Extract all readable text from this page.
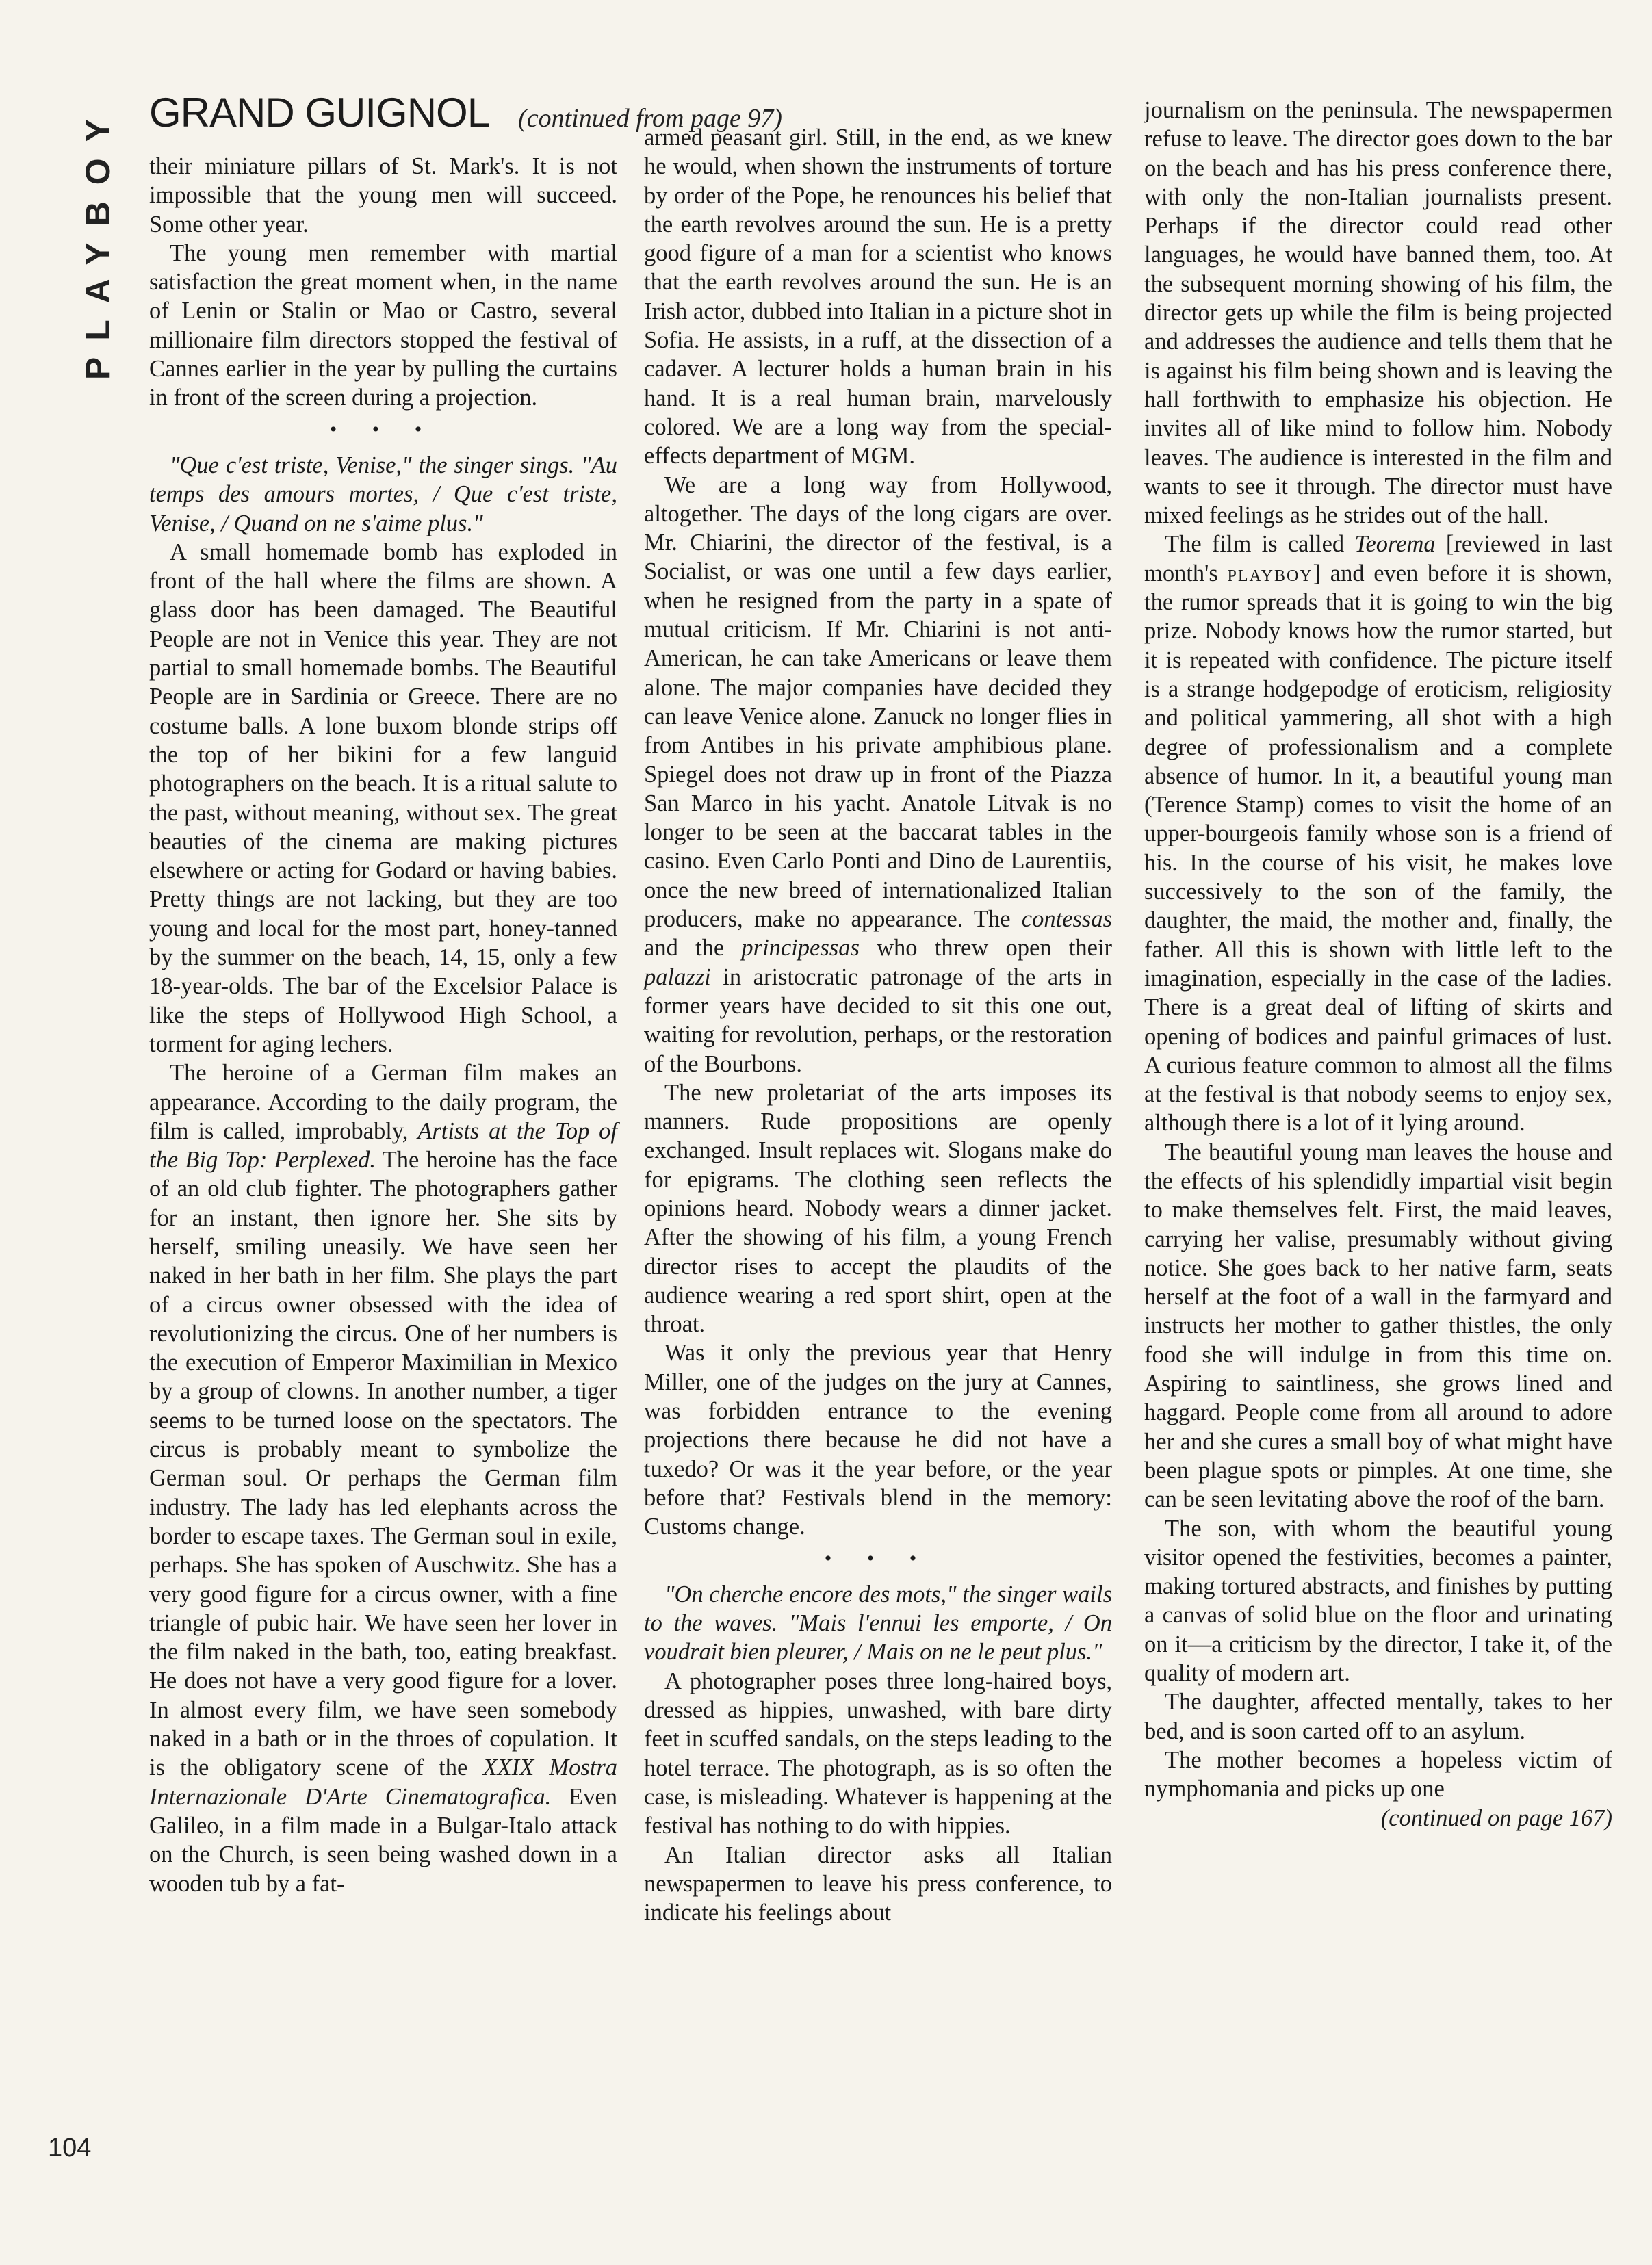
PLAYBOY
104
GRAND GUIGNOL (continued from page 97)

their miniature pillars of St. Mark's. It is not impossible that the young men will succeed. Some other year.

The young men remember with martial satisfaction the great moment when, in the name of Lenin or Stalin or Mao or Castro, several millionaire film directors stopped the festival of Cannes earlier in the year by pulling the curtains in front of the screen during a projection.

• • •

"Que c'est triste, Venise," the singer sings. "Au temps des amours mortes, / Que c'est triste, Venise, / Quand on ne s'aime plus."

A small homemade bomb has exploded in front of the hall where the films are shown. A glass door has been damaged. The Beautiful People are not in Venice this year. They are not partial to small homemade bombs. The Beautiful People are in Sardinia or Greece. There are no costume balls. A lone buxom blonde strips off the top of her bikini for a few languid photographers on the beach. It is a ritual salute to the past, without meaning, without sex. The great beauties of the cinema are making pictures elsewhere or acting for Godard or having babies. Pretty things are not lacking, but they are too young and local for the most part, honey-tanned by the summer on the beach, 14, 15, only a few 18-year-olds. The bar of the Excelsior Palace is like the steps of Hollywood High School, a torment for aging lechers.

The heroine of a German film makes an appearance. According to the daily program, the film is called, improbably, Artists at the Top of the Big Top: Perplexed. The heroine has the face of an old club fighter. The photographers gather for an instant, then ignore her. She sits by herself, smiling uneasily. We have seen her naked in her bath in her film. She plays the part of a circus owner obsessed with the idea of revolutionizing the circus. One of her numbers is the execution of Emperor Maximilian in Mexico by a group of clowns. In another number, a tiger seems to be turned loose on the spectators. The circus is probably meant to symbolize the German soul. Or perhaps the German film industry. The lady has led elephants across the border to escape taxes. The German soul in exile, perhaps. She has spoken of Auschwitz. She has a very good figure for a circus owner, with a fine triangle of pubic hair. We have seen her lover in the film naked in the bath, too, eating breakfast. He does not have a very good figure for a lover. In almost every film, we have seen somebody naked in a bath or in the throes of copulation. It is the obligatory scene of the XXIX Mostra Internazionale D'Arte Cinematografica. Even Galileo, in a film made in a Bulgar-Italo attack on the Church, is seen being washed down in a wooden tub by a fat-

armed peasant girl. Still, in the end, as we knew he would, when shown the instruments of torture by order of the Pope, he renounces his belief that the earth revolves around the sun. He is a pretty good figure of a man for a scientist who knows that the earth revolves around the sun. He is an Irish actor, dubbed into Italian in a picture shot in Sofia. He assists, in a ruff, at the dissection of a cadaver. A lecturer holds a human brain in his hand. It is a real human brain, marvelously colored. We are a long way from the special-effects department of MGM.

We are a long way from Hollywood, altogether. The days of the long cigars are over. Mr. Chiarini, the director of the festival, is a Socialist, or was one until a few days earlier, when he resigned from the party in a spate of mutual criticism. If Mr. Chiarini is not anti-American, he can take Americans or leave them alone. The major companies have decided they can leave Venice alone. Zanuck no longer flies in from Antibes in his private amphibious plane. Spiegel does not draw up in front of the Piazza San Marco in his yacht. Anatole Litvak is no longer to be seen at the baccarat tables in the casino. Even Carlo Ponti and Dino de Laurentiis, once the new breed of internationalized Italian producers, make no appearance. The contessas and the principessas who threw open their palazzi in aristocratic patronage of the arts in former years have decided to sit this one out, waiting for revolution, perhaps, or the restoration of the Bourbons.

The new proletariat of the arts imposes its manners. Rude propositions are openly exchanged. Insult replaces wit. Slogans make do for epigrams. The clothing seen reflects the opinions heard. Nobody wears a dinner jacket. After the showing of his film, a young French director rises to accept the plaudits of the audience wearing a red sport shirt, open at the throat.

Was it only the previous year that Henry Miller, one of the judges on the jury at Cannes, was forbidden entrance to the evening projections there because he did not have a tuxedo? Or was it the year before, or the year before that? Festivals blend in the memory: Customs change.

• • •

"On cherche encore des mots," the singer wails to the waves. "Mais l'ennui les emporte, / On voudrait bien pleurer, / Mais on ne le peut plus."

A photographer poses three long-haired boys, dressed as hippies, unwashed, with bare dirty feet in scuffed sandals, on the steps leading to the hotel terrace. The photograph, as is so often the case, is misleading. Whatever is happening at the festival has nothing to do with hippies.

An Italian director asks all Italian newspapermen to leave his press conference, to indicate his feelings about

journalism on the peninsula. The newspapermen refuse to leave. The director goes down to the bar on the beach and has his press conference there, with only the non-Italian journalists present. Perhaps if the director could read other languages, he would have banned them, too. At the subsequent morning showing of his film, the director gets up while the film is being projected and addresses the audience and tells them that he is against his film being shown and is leaving the hall forthwith to emphasize his objection. He invites all of like mind to follow him. Nobody leaves. The audience is interested in the film and wants to see it through. The director must have mixed feelings as he strides out of the hall.

The film is called Teorema [reviewed in last month's playboy] and even before it is shown, the rumor spreads that it is going to win the big prize. Nobody knows how the rumor started, but it is repeated with confidence. The picture itself is a strange hodgepodge of eroticism, religiosity and political yammering, all shot with a high degree of professionalism and a complete absence of humor. In it, a beautiful young man (Terence Stamp) comes to visit the home of an upper-bourgeois family whose son is a friend of his. In the course of his visit, he makes love successively to the son of the family, the daughter, the maid, the mother and, finally, the father. All this is shown with little left to the imagination, especially in the case of the ladies. There is a great deal of lifting of skirts and opening of bodices and painful grimaces of lust. A curious feature common to almost all the films at the festival is that nobody seems to enjoy sex, although there is a lot of it lying around.

The beautiful young man leaves the house and the effects of his splendidly impartial visit begin to make themselves felt. First, the maid leaves, carrying her valise, presumably without giving notice. She goes back to her native farm, seats herself at the foot of a wall in the farmyard and instructs her mother to gather thistles, the only food she will indulge in from this time on. Aspiring to saintliness, she grows lined and haggard. People come from all around to adore her and she cures a small boy of what might have been plague spots or pimples. At one time, she can be seen levitating above the roof of the barn.

The son, with whom the beautiful young visitor opened the festivities, becomes a painter, making tortured abstracts, and finishes by putting a canvas of solid blue on the floor and urinating on it—a criticism by the director, I take it, of the quality of modern art.

The daughter, affected mentally, takes to her bed, and is soon carted off to an asylum.

The mother becomes a hopeless victim of nymphomania and picks up one

(continued on page 167)
